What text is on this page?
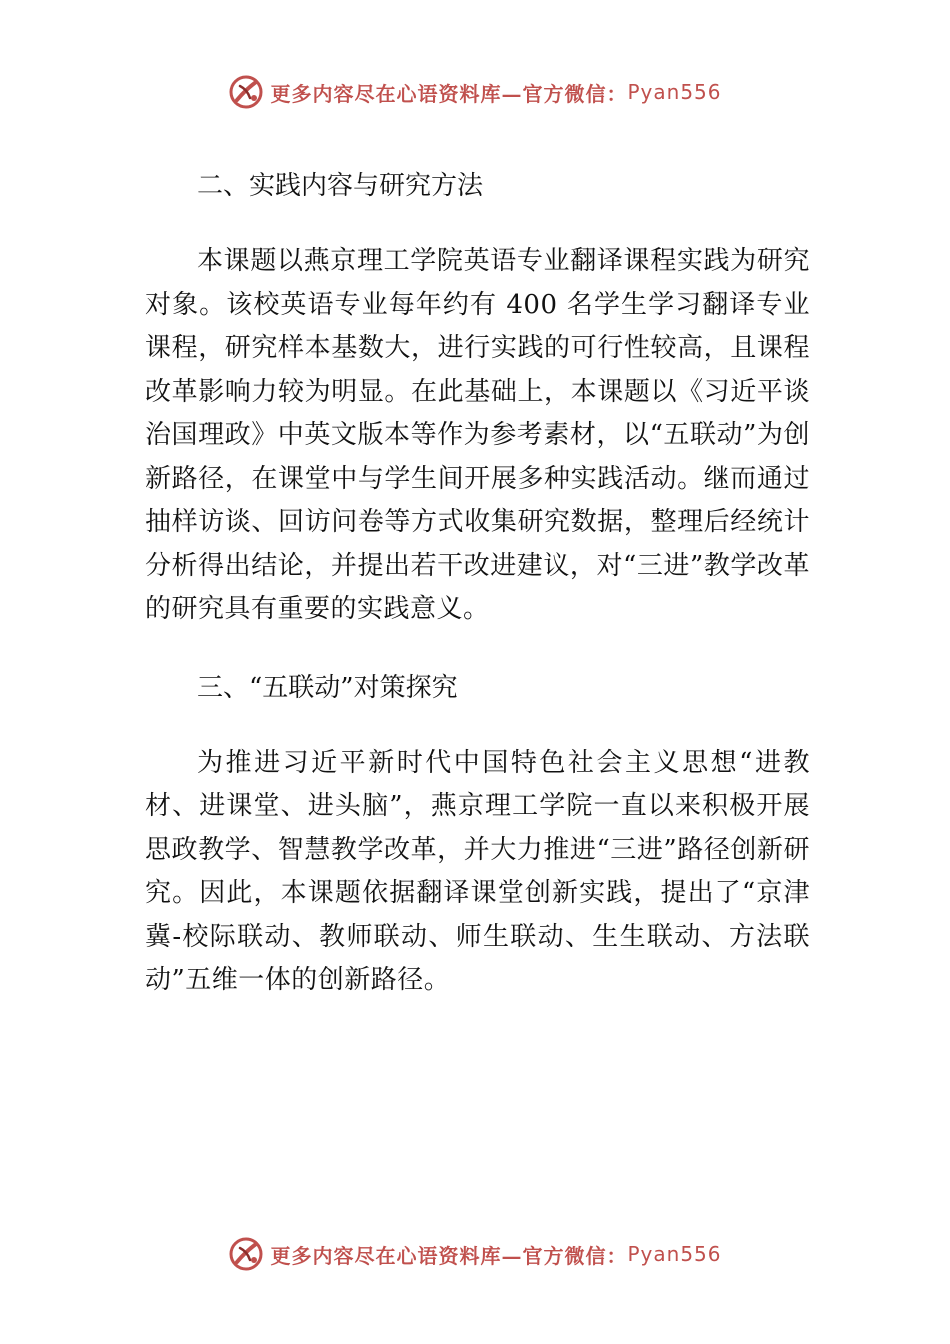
更多内容尽在心语资料库—官方微信： Pyan556

二、实践内容与研究方法

本课题以燕京理工学院英语专业翻译课程实践为研究对象。该校英语专业每年约有 400 名学生学习翻译专业课程，研究样本基数大，进行实践的可行性较高，且课程改革影响力较为明显。在此基础上，本课题以《习近平谈治国理政》中英文版本等作为参考素材，以“五联动”为创新路径，在课堂中与学生间开展多种实践活动。继而通过抽样访谈、回访问卷等方式收集研究数据，整理后经统计分析得出结论，并提出若干改进建议，对“三进”教学改革的研究具有重要的实践意义。

三、“五联动”对策探究

为推进习近平新时代中国特色社会主义思想“进教材、进课堂、进头脑”，燕京理工学院一直以来积极开展思政教学、智慧教学改革，并大力推进“三进”路径创新研究。因此，本课题依据翻译课堂创新实践，提出了“京津冀-校际联动、教师联动、师生联动、生生联动、方法联动”五维一体的创新路径。

更多内容尽在心语资料库—官方微信： Pyan556
